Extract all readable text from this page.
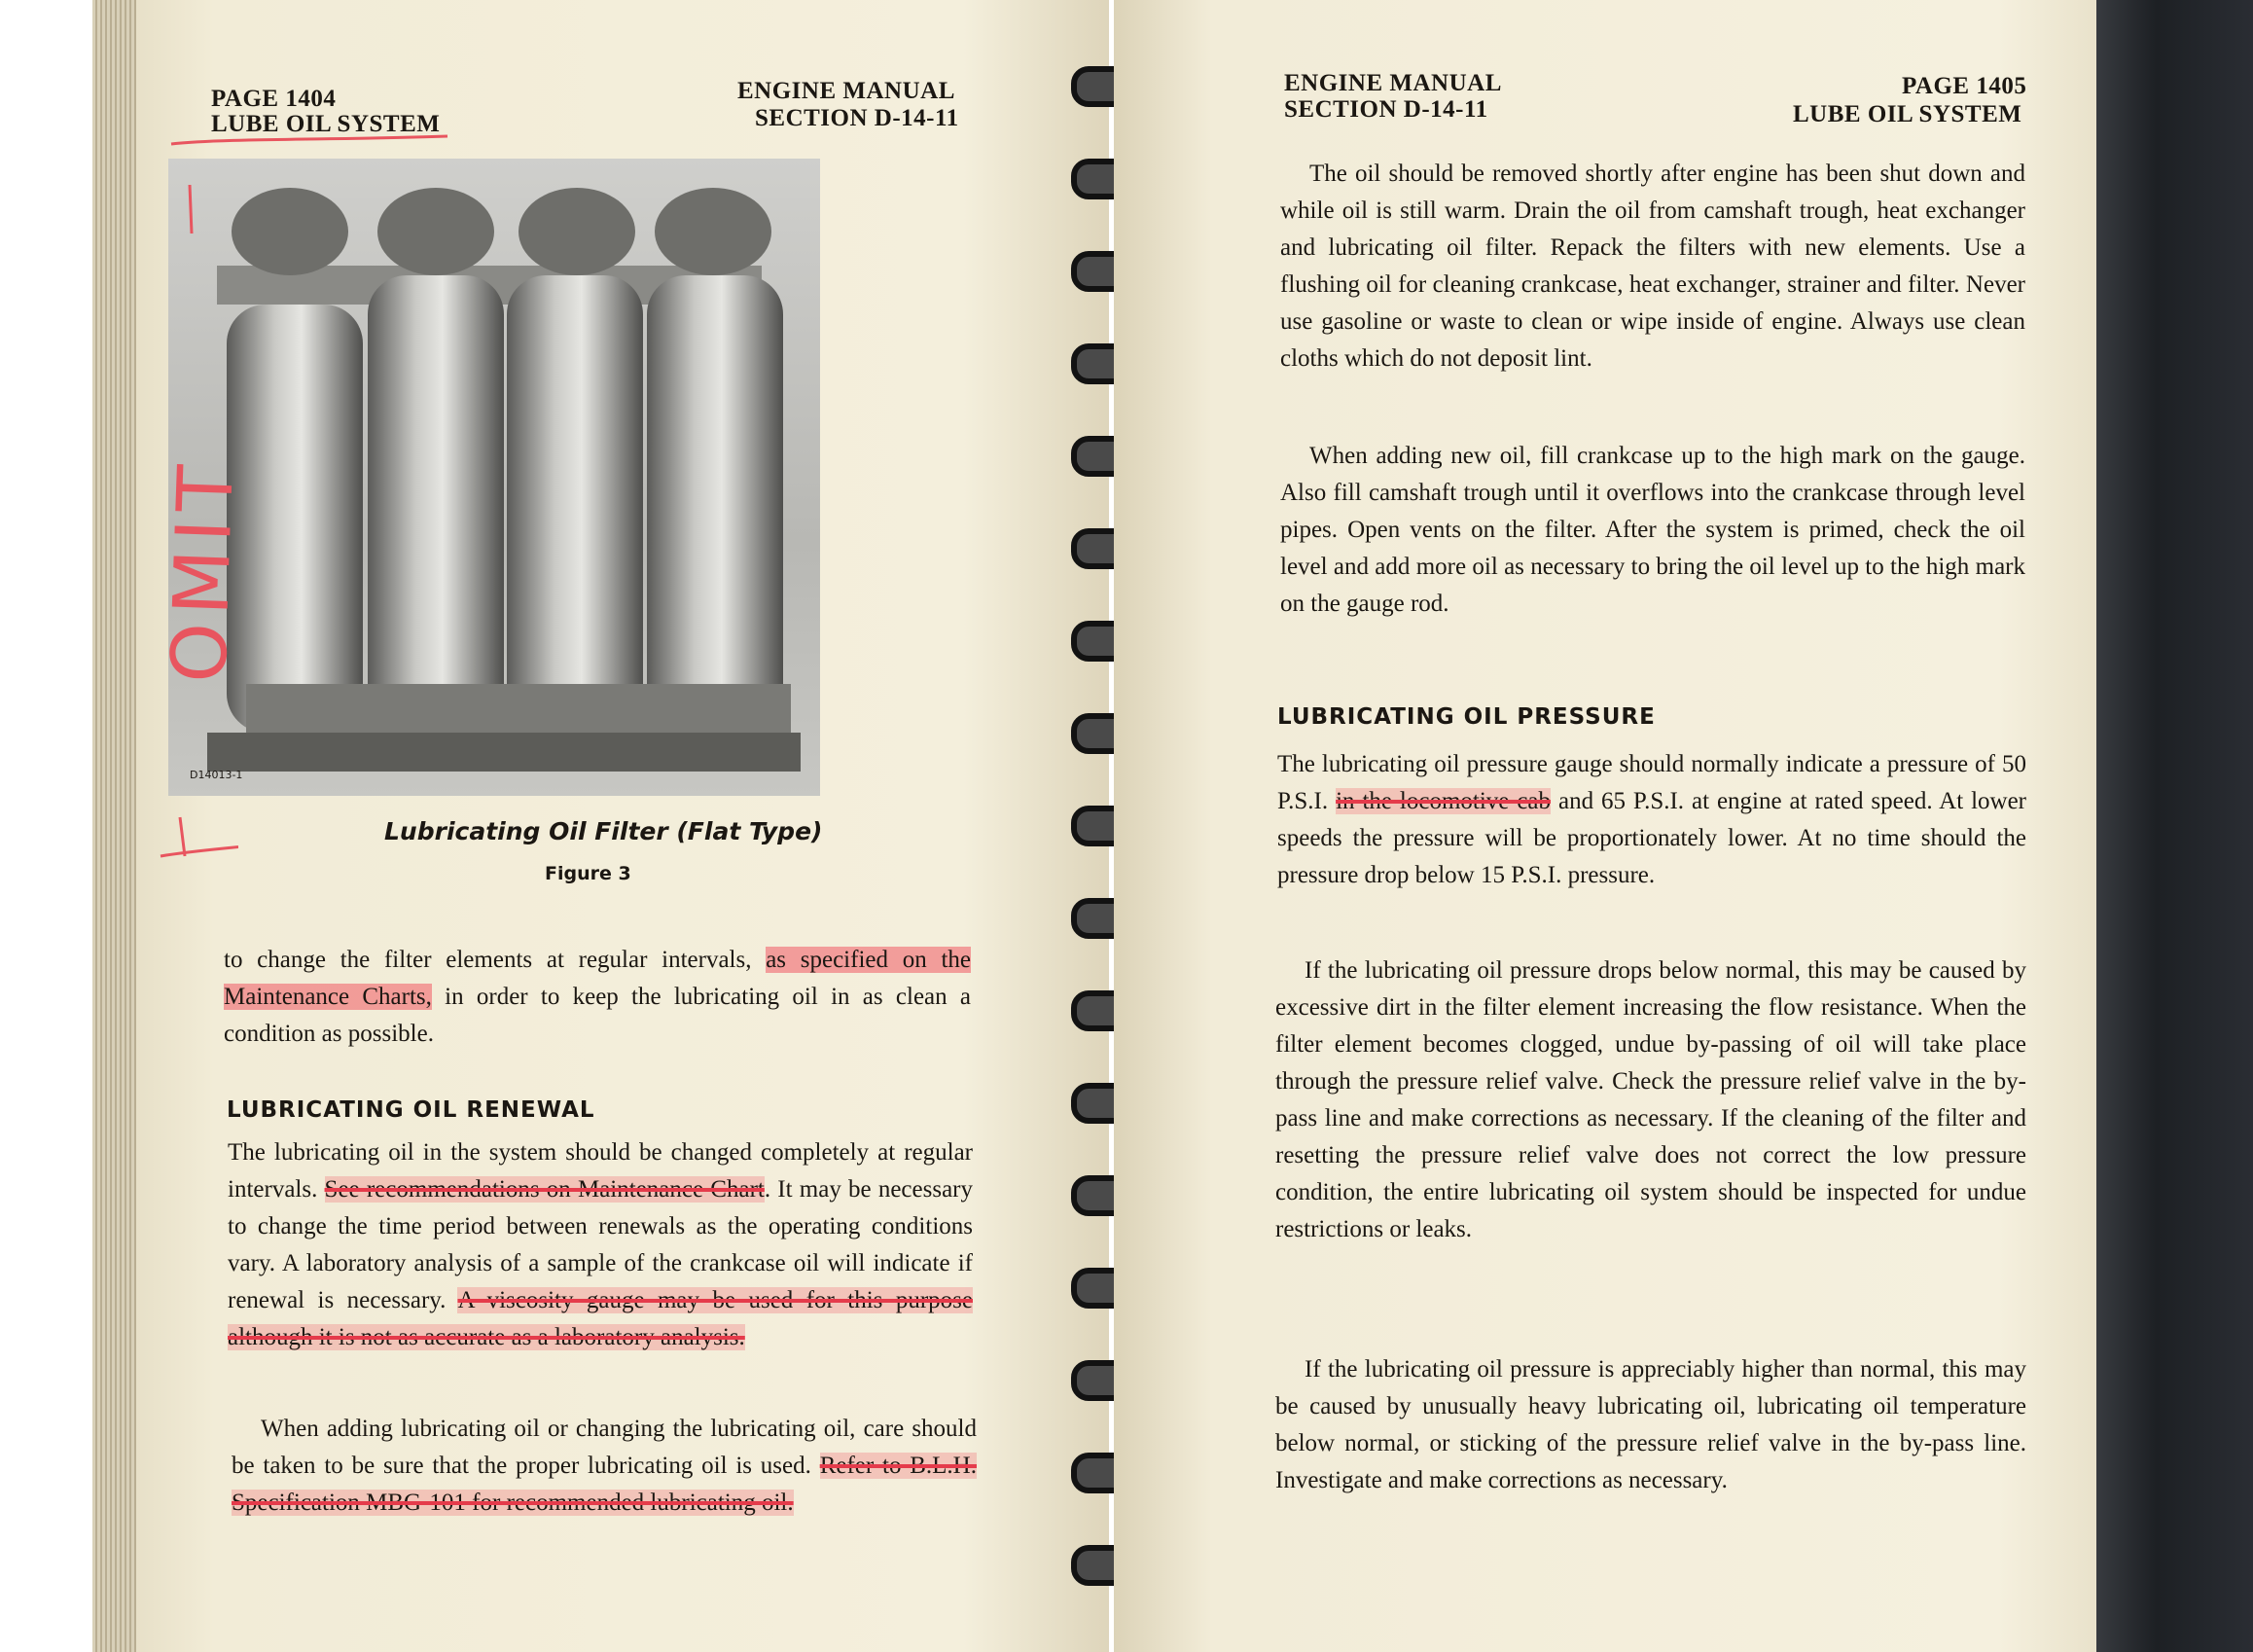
PAGE 1404
LUBE OIL SYSTEM
ENGINE MANUAL
SECTION D-14-11
D14013-1
OMIT
Lubricating Oil Filter (Flat Type)
Figure 3

to change the filter elements at regular intervals, as specified on the Maintenance Charts, in order to keep the lubricating oil in as clean a condition as possible.

LUBRICATING OIL RENEWAL

The lubricating oil in the system should be changed completely at regular intervals. See recommendations on Maintenance Chart. It may be necessary to change the time period between renewals as the operating conditions vary. A laboratory analysis of a sample of the crankcase oil will indicate if renewal is necessary. A viscosity gauge may be used for this purpose although it is not as accurate as a laboratory analysis.

When adding lubricating oil or changing the lubricating oil, care should be taken to be sure that the proper lubricating oil is used. Refer to B.L.H. Specification MBG-101 for recommended lubricating oil.

ENGINE MANUAL
SECTION D-14-11
PAGE 1405
LUBE OIL SYSTEM
The oil should be removed shortly after engine has been shut down and while oil is still warm. Drain the oil from camshaft trough, heat exchanger and lubricating oil filter. Repack the filters with new elements. Use a flushing oil for cleaning crankcase, heat exchanger, strainer and filter. Never use gasoline or waste to clean or wipe inside of engine. Always use clean cloths which do not deposit lint.
When adding new oil, fill crankcase up to the high mark on the gauge. Also fill camshaft trough until it overflows into the crankcase through level pipes. Open vents on the filter. After the system is primed, check the oil level and add more oil as necessary to bring the oil level up to the high mark on the gauge rod.
LUBRICATING OIL PRESSURE

The lubricating oil pressure gauge should normally indicate a pressure of 50 P.S.I. in the locomotive cab and 65 P.S.I. at engine at rated speed. At lower speeds the pressure will be proportionately lower. At no time should the pressure drop below 15 P.S.I. pressure.

If the lubricating oil pressure drops below normal, this may be caused by excessive dirt in the filter element increasing the flow resistance. When the filter element becomes clogged, undue by-passing of oil will take place through the pressure relief valve. Check the pressure relief valve in the by-pass line and make corrections as necessary. If the cleaning of the filter and resetting the pressure relief valve does not correct the low pressure condition, the entire lubricating oil system should be inspected for undue restrictions or leaks.
If the lubricating oil pressure is appreciably higher than normal, this may be caused by unusually heavy lubricating oil, lubricating oil temperature below normal, or sticking of the pressure relief valve in the by-pass line. Investigate and make corrections as necessary.
